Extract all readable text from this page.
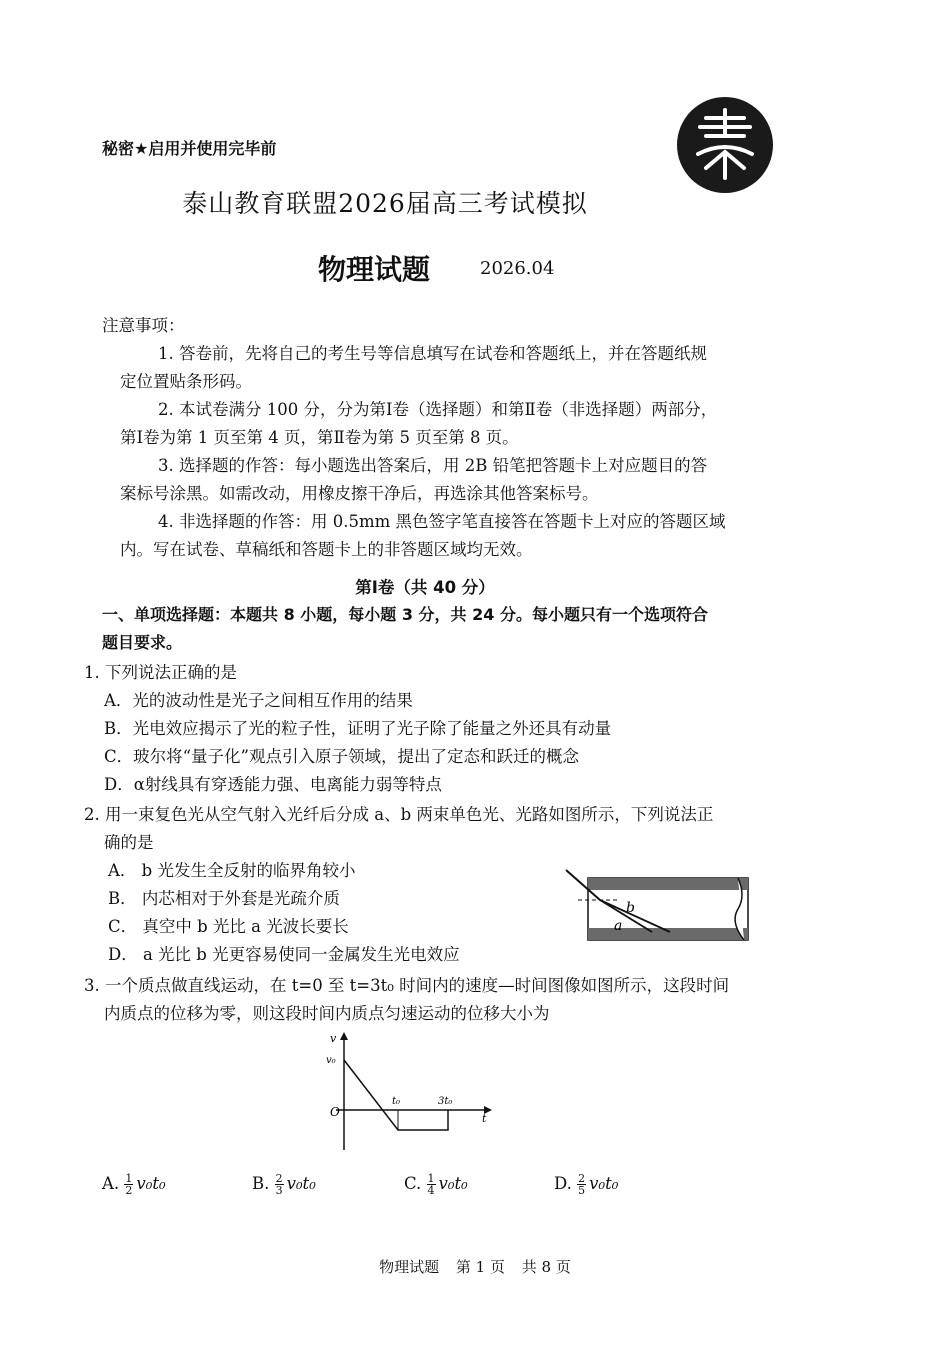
秘密★启用并使用完毕前
泰山教育联盟2026届高三考试模拟
物理试题	2026.04
注意事项：
1. 答卷前，先将自己的考生号等信息填写在试卷和答题纸上，并在答题纸规
定位置贴条形码。
2. 本试卷满分 100 分，分为第Ⅰ卷（选择题）和第Ⅱ卷（非选择题）两部分，
第Ⅰ卷为第 1 页至第 4 页，第Ⅱ卷为第 5 页至第 8 页。
3. 选择题的作答：每小题选出答案后，用 2B 铅笔把答题卡上对应题目的答
案标号涂黑。如需改动，用橡皮擦干净后，再选涂其他答案标号。
4. 非选择题的作答：用 0.5mm 黑色签字笔直接答在答题卡上对应的答题区域
内。写在试卷、草稿纸和答题卡上的非答题区域均无效。
第Ⅰ卷（共 40 分）
一、单项选择题：本题共 8 小题，每小题 3 分，共 24 分。每小题只有一个选项符合
题目要求。
1. 下列说法正确的是
A．光的波动性是光子之间相互作用的结果
B．光电效应揭示了光的粒子性，证明了光子除了能量之外还具有动量
C．玻尔将“量子化”观点引入原子领域，提出了定态和跃迁的概念
D．α射线具有穿透能力强、电离能力弱等特点
2. 用一束复色光从空气射入光纤后分成 a、b 两束单色光、光路如图所示，下列说法正
确的是
A． b 光发生全反射的临界角较小
B． 内芯相对于外套是光疏介质
C． 真空中 b 光比 a 光波长要长
D． a 光比 b 光更容易使同一金属发生光电效应
b
a
3. 一个质点做直线运动，在 t=0 至 t=3t₀ 时间内的速度—时间图像如图所示，这段时间
内质点的位移为零，则这段时间内质点匀速运动的位移大小为
v
v₀
O
t₀	3t₀
t
A. $\frac{1}{2} v_0t_0$	B. $\frac{2}{3} v_0t_0$	C. $\frac{1}{4} v_0t_0$	D. $\frac{2}{5} v_0t_0$
物理试题 第 1 页 共 8 页
